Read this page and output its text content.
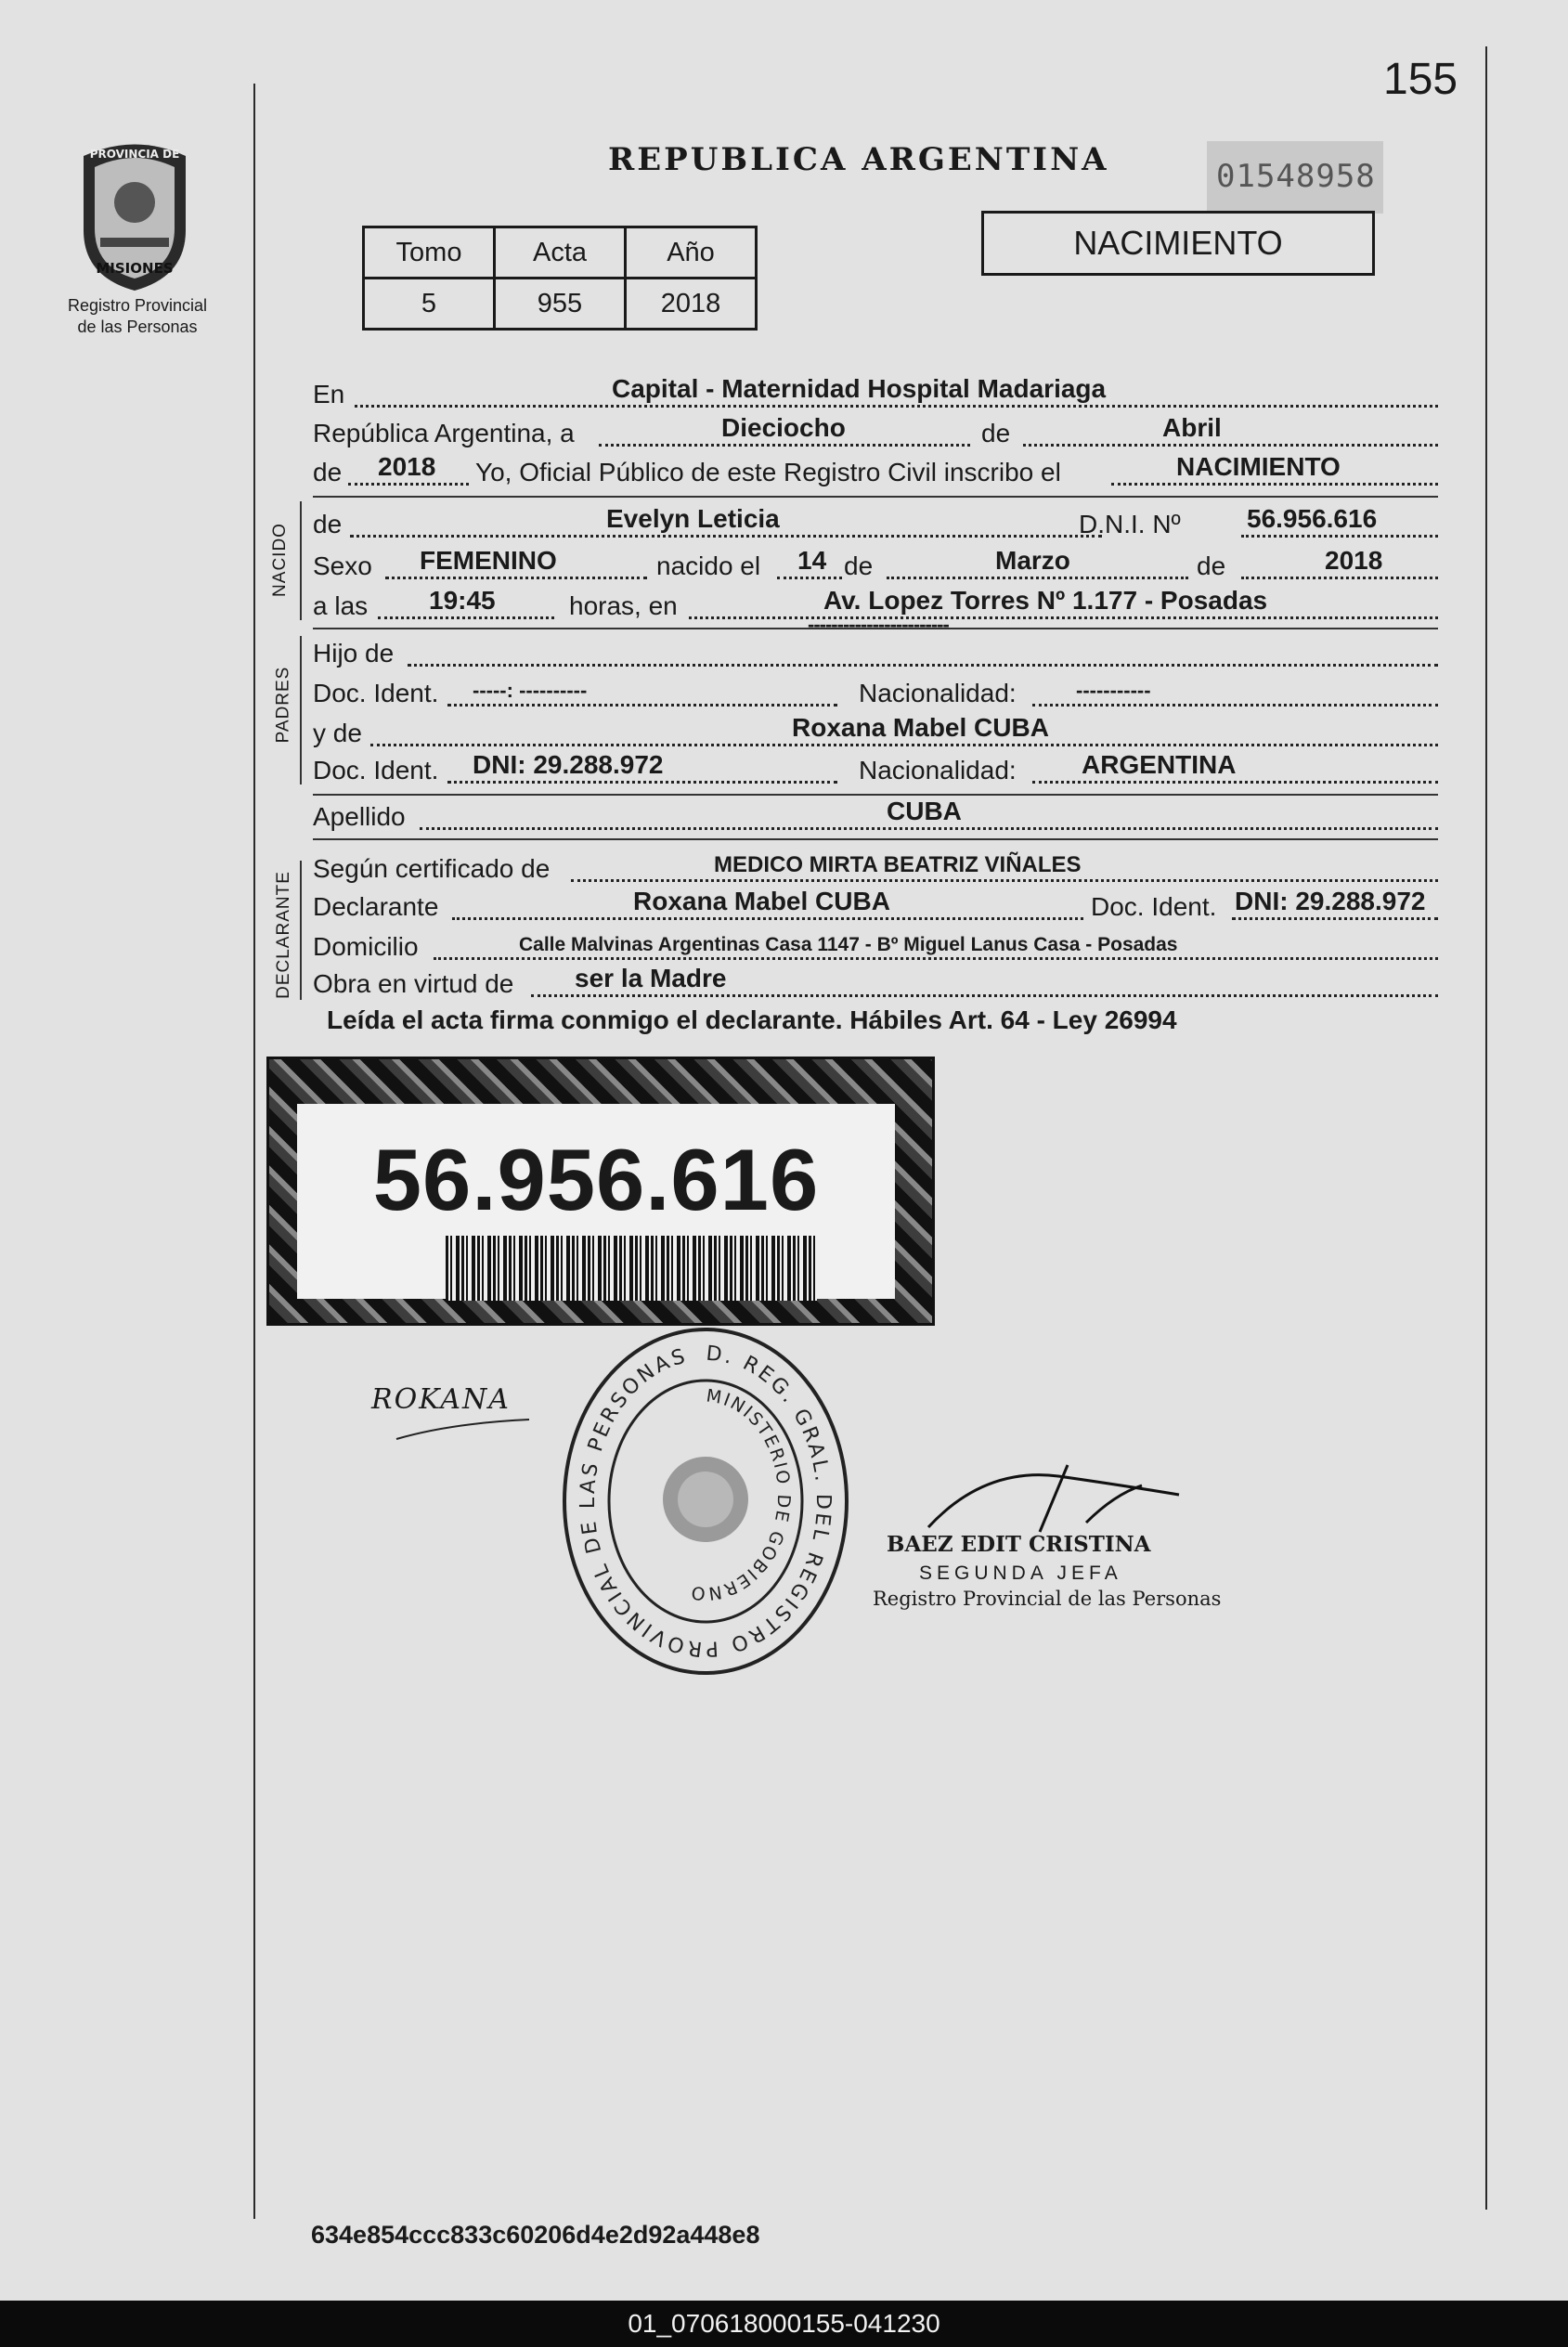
155
PROVINCIA DE
MISIONES
Registro Provincial
de las Personas
REPUBLICA ARGENTINA	01548958
Tomo	Acta	Año
5	955	2018
NACIMIENTO
En	Capital - Maternidad Hospital Madariaga
República Argentina, a	Dieciocho	de	Abril
de 2018 Yo, Oficial Público de este Registro Civil inscribo el	NACIMIENTO
NACIDO de	Evelyn Leticia	D.N.I. Nº	56.956.616
Sexo FEMENINO	nacido el 14 de	Marzo	de	2018
a las 19:45	horas, en	Av. Lopez Torres Nº 1.177 - Posadas
------------------------
PADRES
Hijo de
Doc. Ident. -----: ----------	Nacionalidad:	-----------
y de	Roxana Mabel CUBA
Doc. Ident. DNI: 29.288.972	Nacionalidad:	ARGENTINA
Apellido	CUBA
DECLARANTE
Según certificado de	MEDICO MIRTA BEATRIZ VIÑALES
Declarante	Roxana Mabel CUBA	Doc. Ident. DNI: 29.288.972
Domicilio	Calle Malvinas Argentinas Casa 1147 - Bº Miguel Lanus Casa - Posadas
Obra en virtud de ser la Madre
Leída el acta firma conmigo el declarante. Hábiles Art. 64 - Ley 26994
56.956.616
ROKANA
D. REG. GRAL. DEL REGISTRO PROVINCIAL DE LAS PERSONAS
MINISTERIO DE GOBIERNO
BAEZ EDIT CRISTINA
SEGUNDA JEFA
Registro Provincial de las Personas
634e854ccc833c60206d4e2d92a448e8
01_070618000155-041230
